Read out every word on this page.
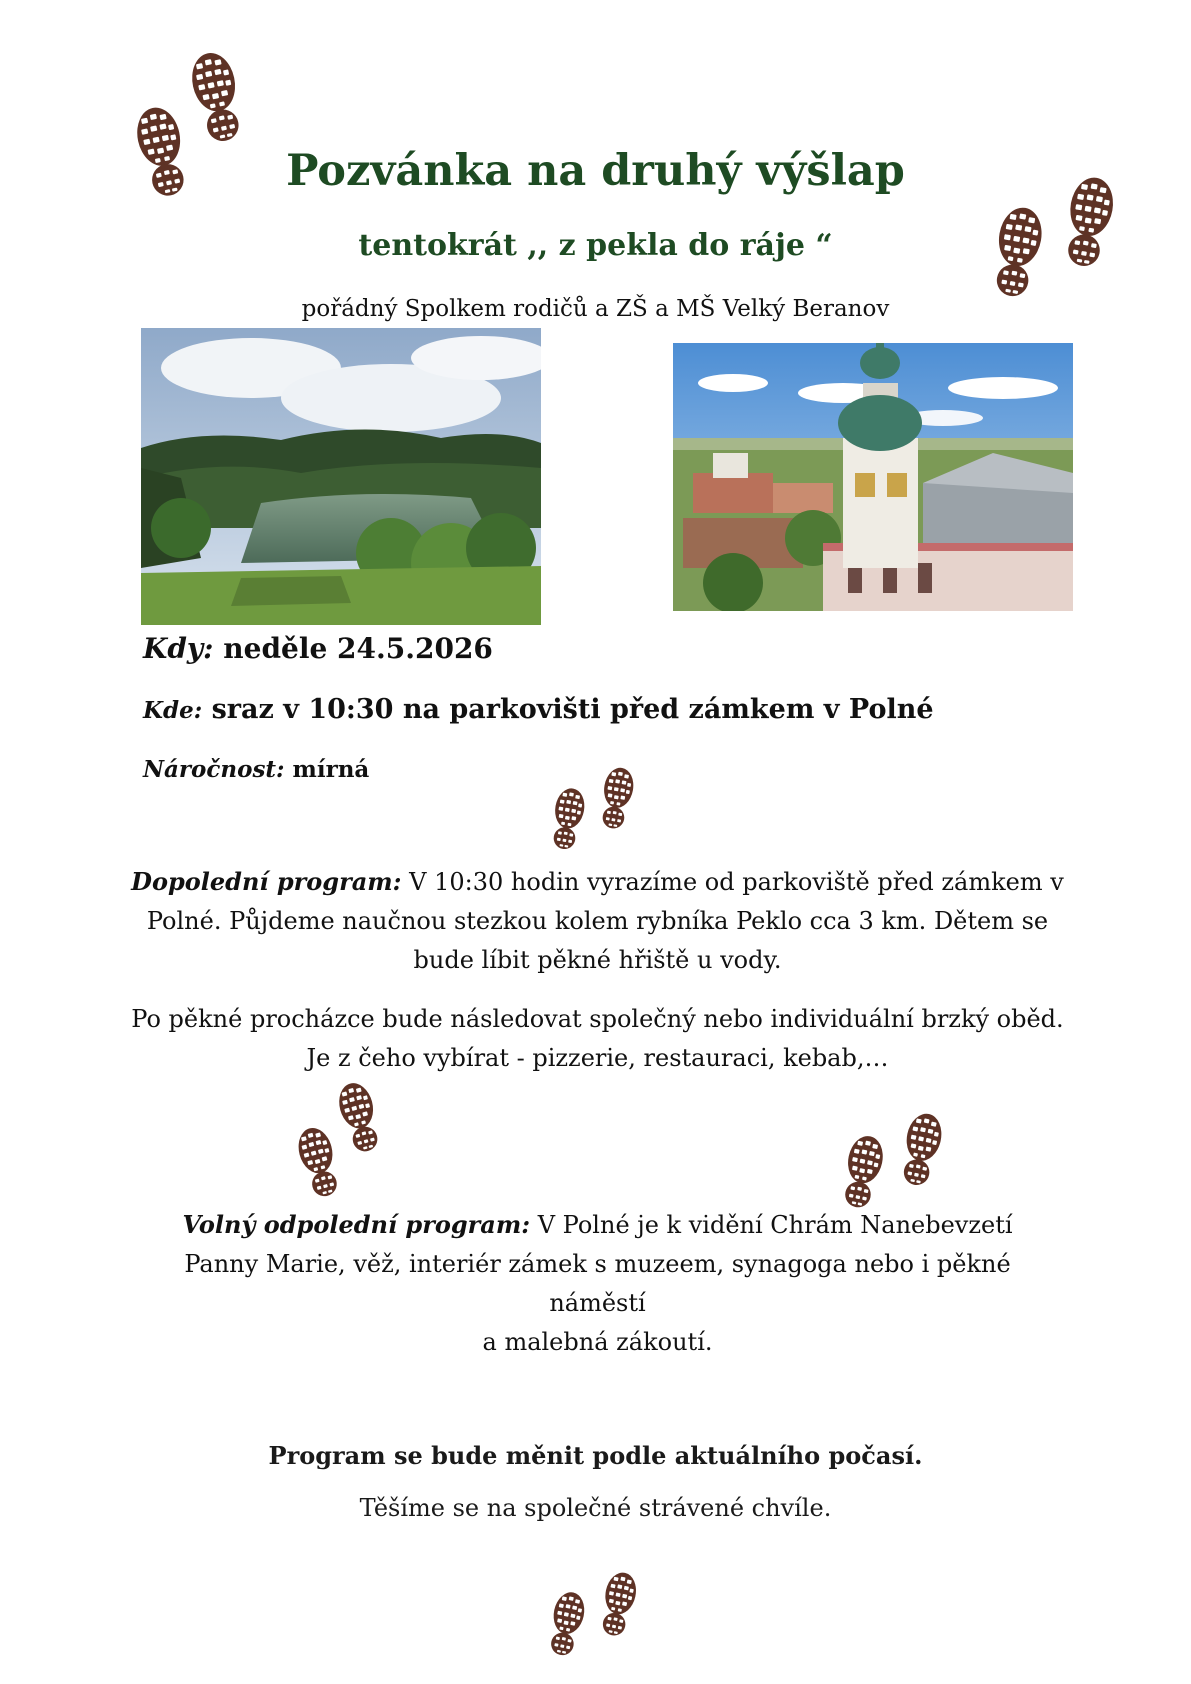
Pozvánka na druhý výšlap
tentokrát ,, z pekla do ráje “

pořádný Spolkem rodičů a ZŠ a MŠ Velký Beranov

Kdy: neděle 24.5.2026

Kde: sraz v 10:30 na parkovišti před zámkem v Polné

Náročnost: mírná

Dopolední program: V 10:30 hodin vyrazíme od parkoviště před zámkem v Polné. Půjdeme naučnou stezkou kolem rybníka Peklo cca 3 km. Dětem se bude líbit pěkné hřiště u vody.

Po pěkné procházce bude následovat společný nebo individuální brzký oběd. Je z čeho vybírat - pizzerie, restauraci, kebab,…

Volný odpolední program: V Polné je k vidění Chrám Nanebevzetí Panny Marie, věž, interiér zámek s muzeem, synagoga nebo i pěkné náměstí
a malebná zákoutí.

Program se bude měnit podle aktuálního počasí.

Těšíme se na společné strávené chvíle.
